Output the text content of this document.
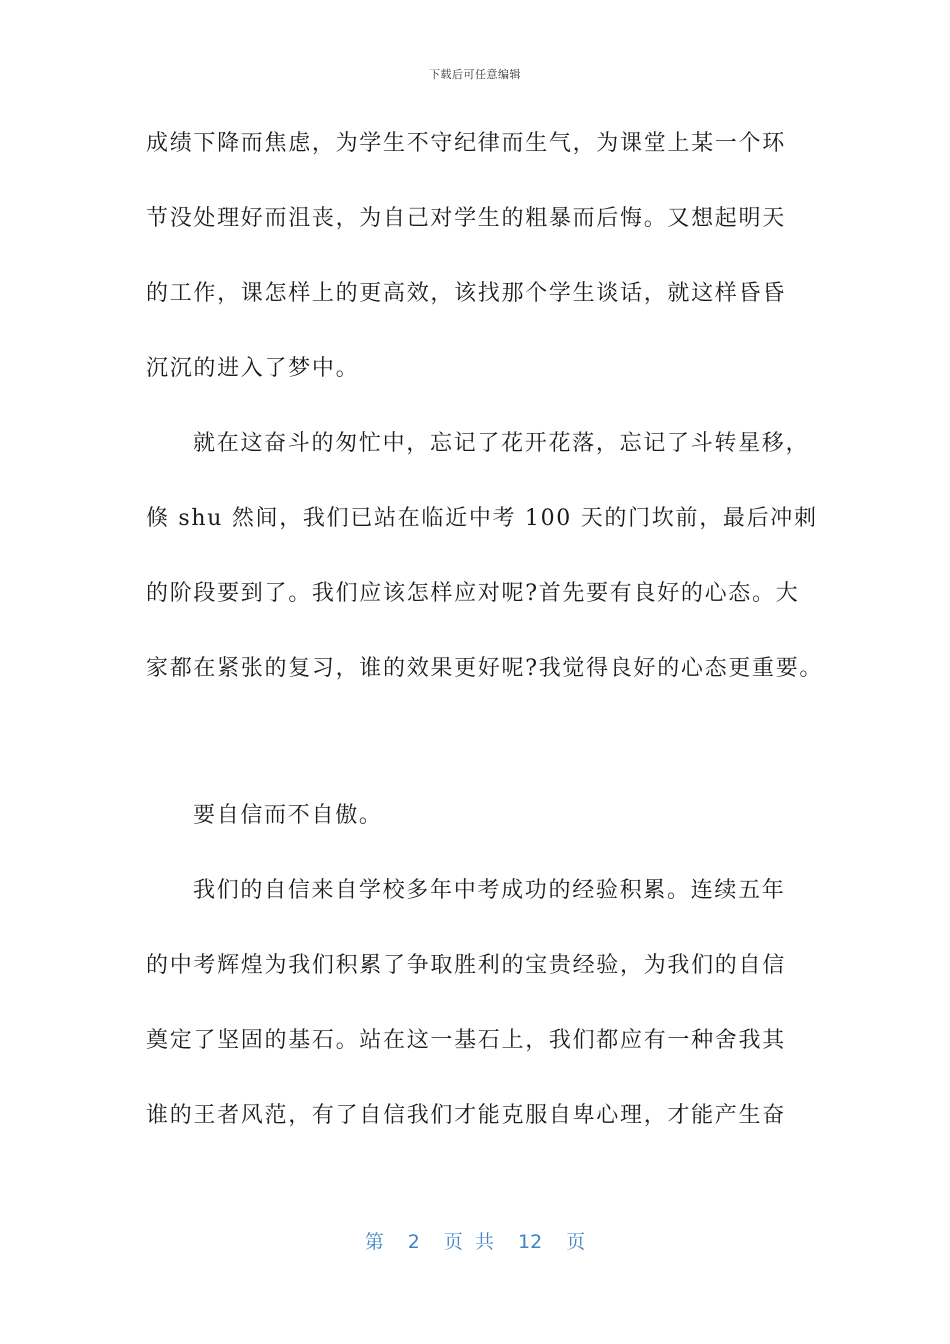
下载后可任意编辑
成绩下降而焦虑，为学生不守纪律而生气，为课堂上某一个环
节没处理好而沮丧，为自己对学生的粗暴而后悔。又想起明天
的工作，课怎样上的更高效，该找那个学生谈话，就这样昏昏
沉沉的进入了梦中。
就在这奋斗的匆忙中，忘记了花开花落，忘记了斗转星移，
倏 shu 然间，我们已站在临近中考 100 天的门坎前，最后冲刺
的阶段要到了。我们应该怎样应对呢?首先要有良好的心态。大
家都在紧张的复习，谁的效果更好呢?我觉得良好的心态更重要。
要自信而不自傲。
我们的自信来自学校多年中考成功的经验积累。连续五年
的中考辉煌为我们积累了争取胜利的宝贵经验，为我们的自信
奠定了坚固的基石。站在这一基石上，我们都应有一种舍我其
谁的王者风范，有了自信我们才能克服自卑心理，才能产生奋
第 2 页 共 12 页
